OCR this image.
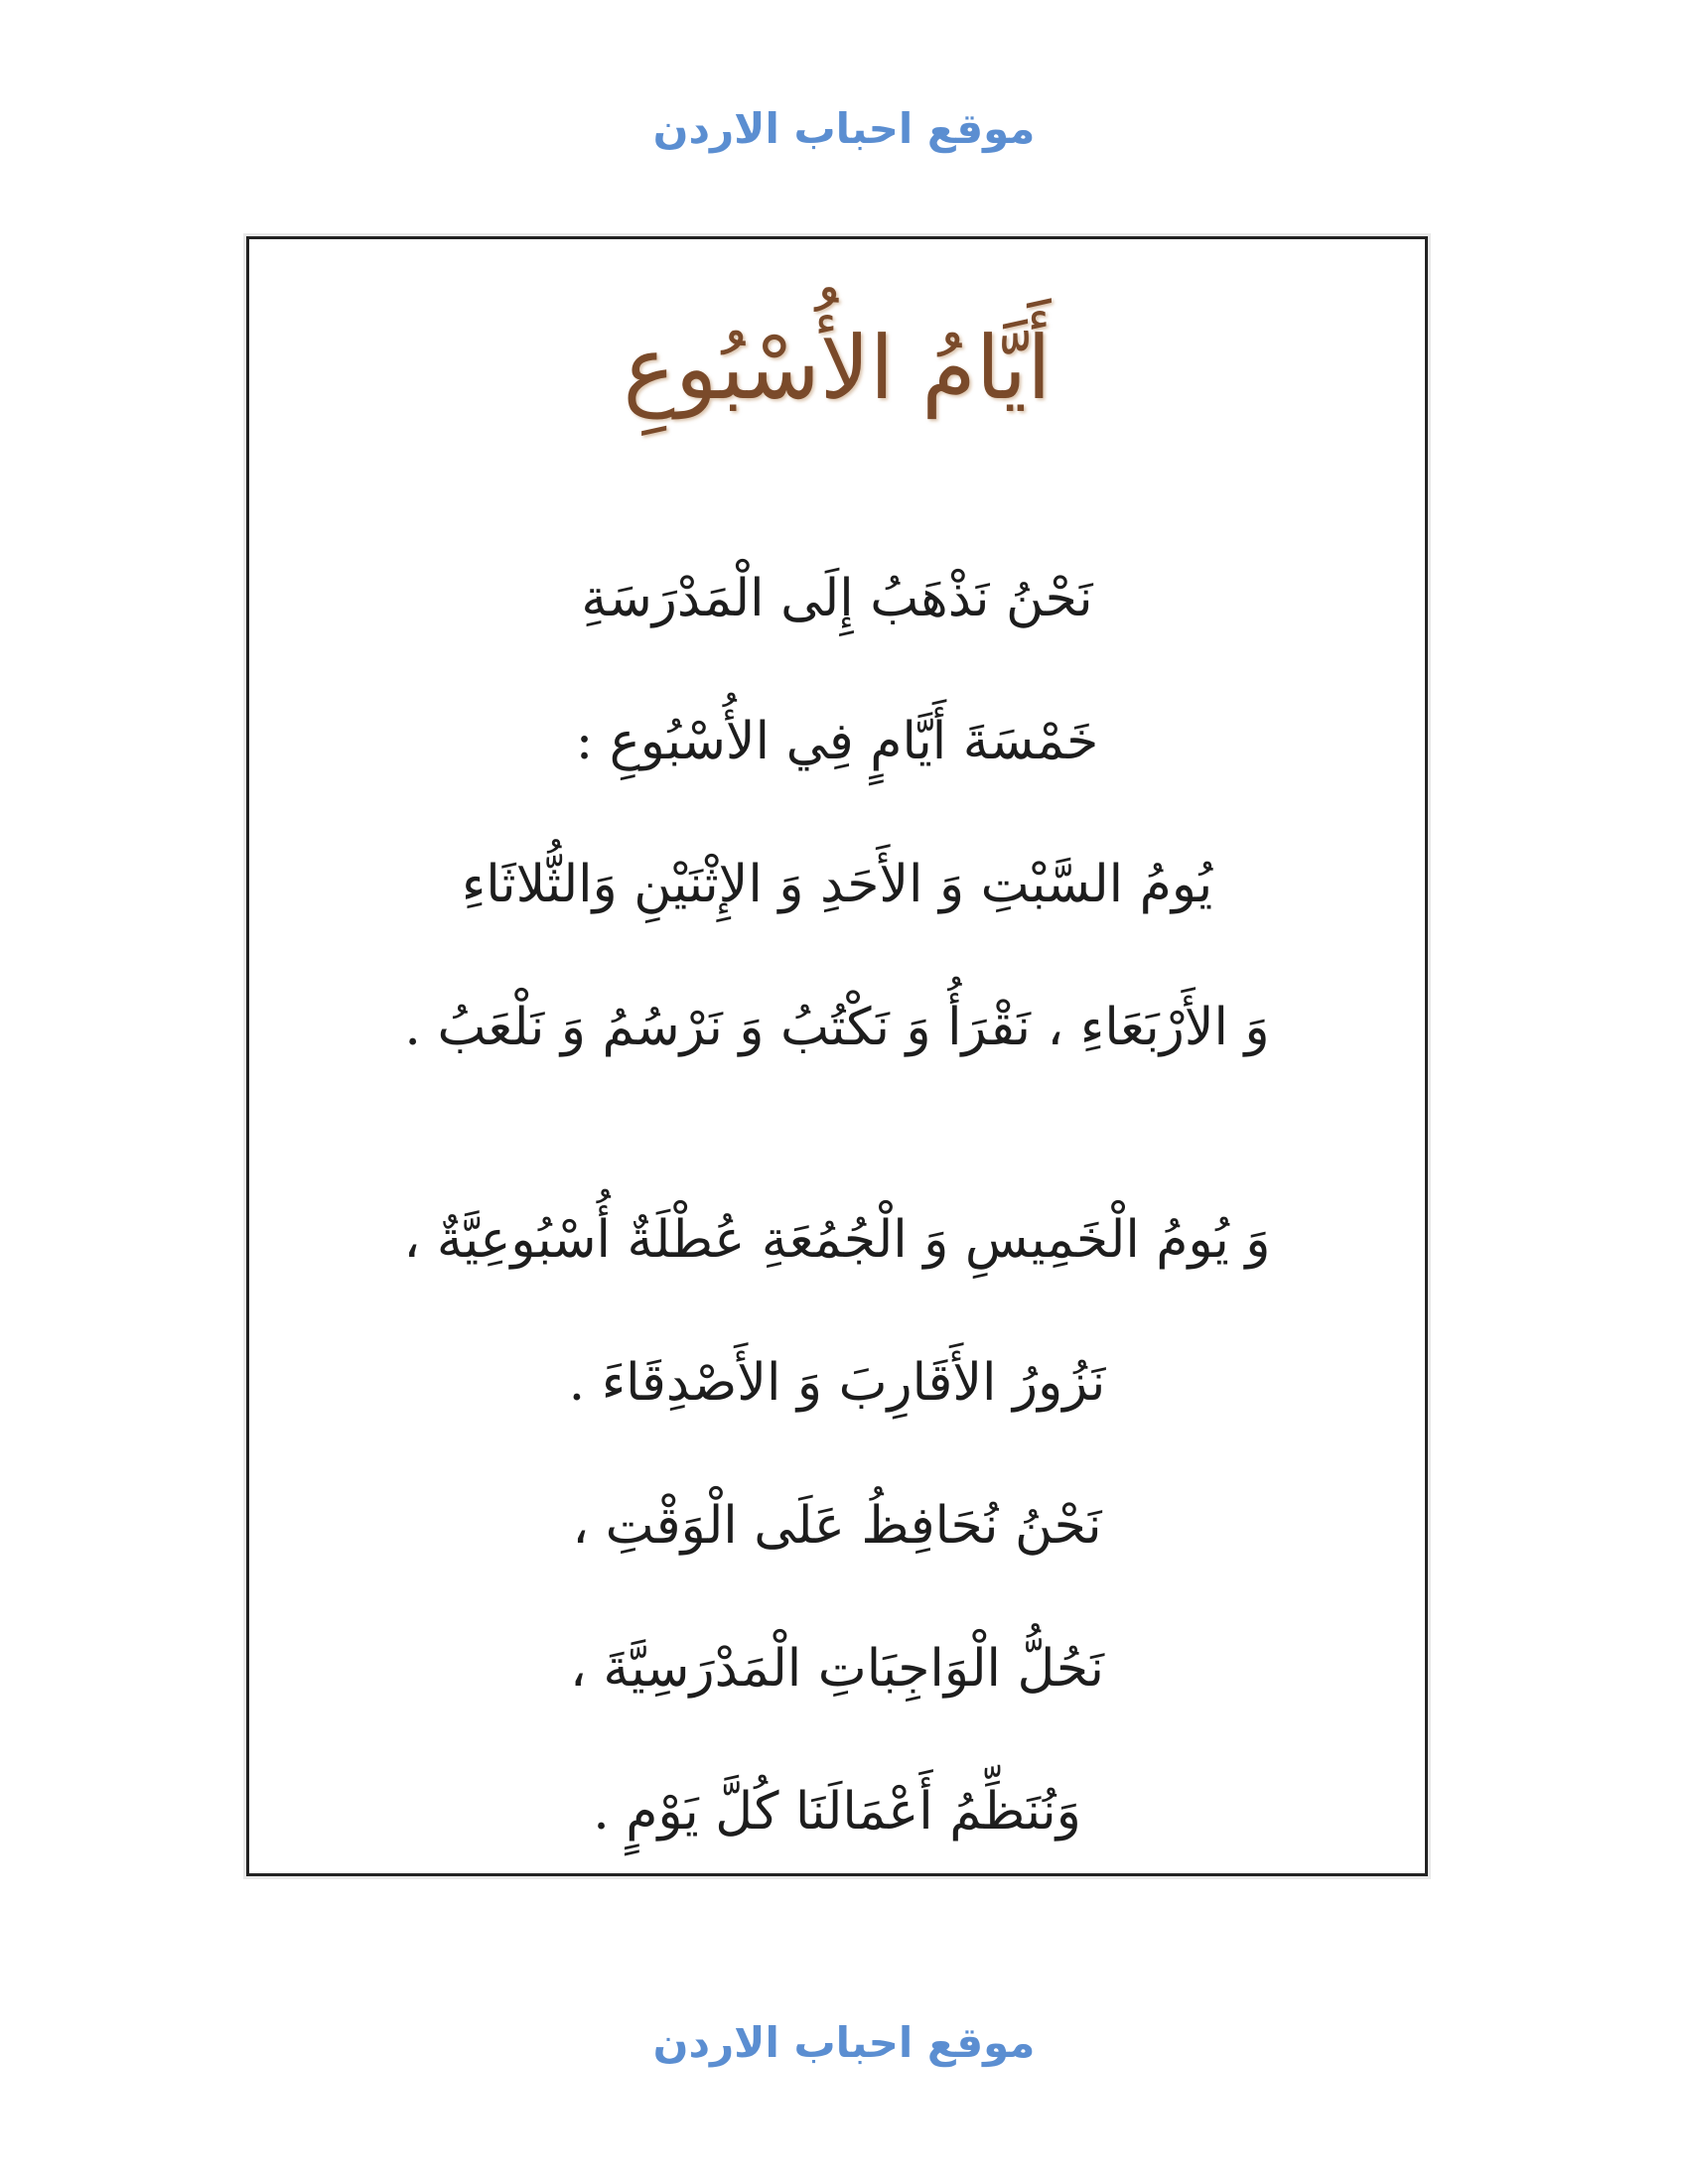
موقع احباب الاردن
أَيَّامُ الأُسْبُوعِ
نَحْنُ نَذْهَبُ إِلَى الْمَدْرَسَةِ
خَمْسَةَ أَيَّامٍ فِي الأُسْبُوعِ :
يُومُ السَّبْتِ وَ الأَحَدِ وَ الإِثْنَيْنِ وَالثُّلاثَاءِ
وَ الأَرْبَعَاءِ ، نَقْرَأُ وَ نَكْتُبُ وَ نَرْسُمُ وَ نَلْعَبُ .
وَ يُومُ الْخَمِيسِ وَ الْجُمُعَةِ عُطْلَةٌ أُسْبُوعِيَّةٌ ،
نَزُورُ الأَقَارِبَ وَ الأَصْدِقَاءَ .
نَحْنُ نُحَافِظُ عَلَى الْوَقْتِ ،
نَحُلُّ الْوَاجِبَاتِ الْمَدْرَسِيَّةَ ،
وَنُنَظِّمُ أَعْمَالَنَا كُلَّ يَوْمٍ .
موقع احباب الاردن
